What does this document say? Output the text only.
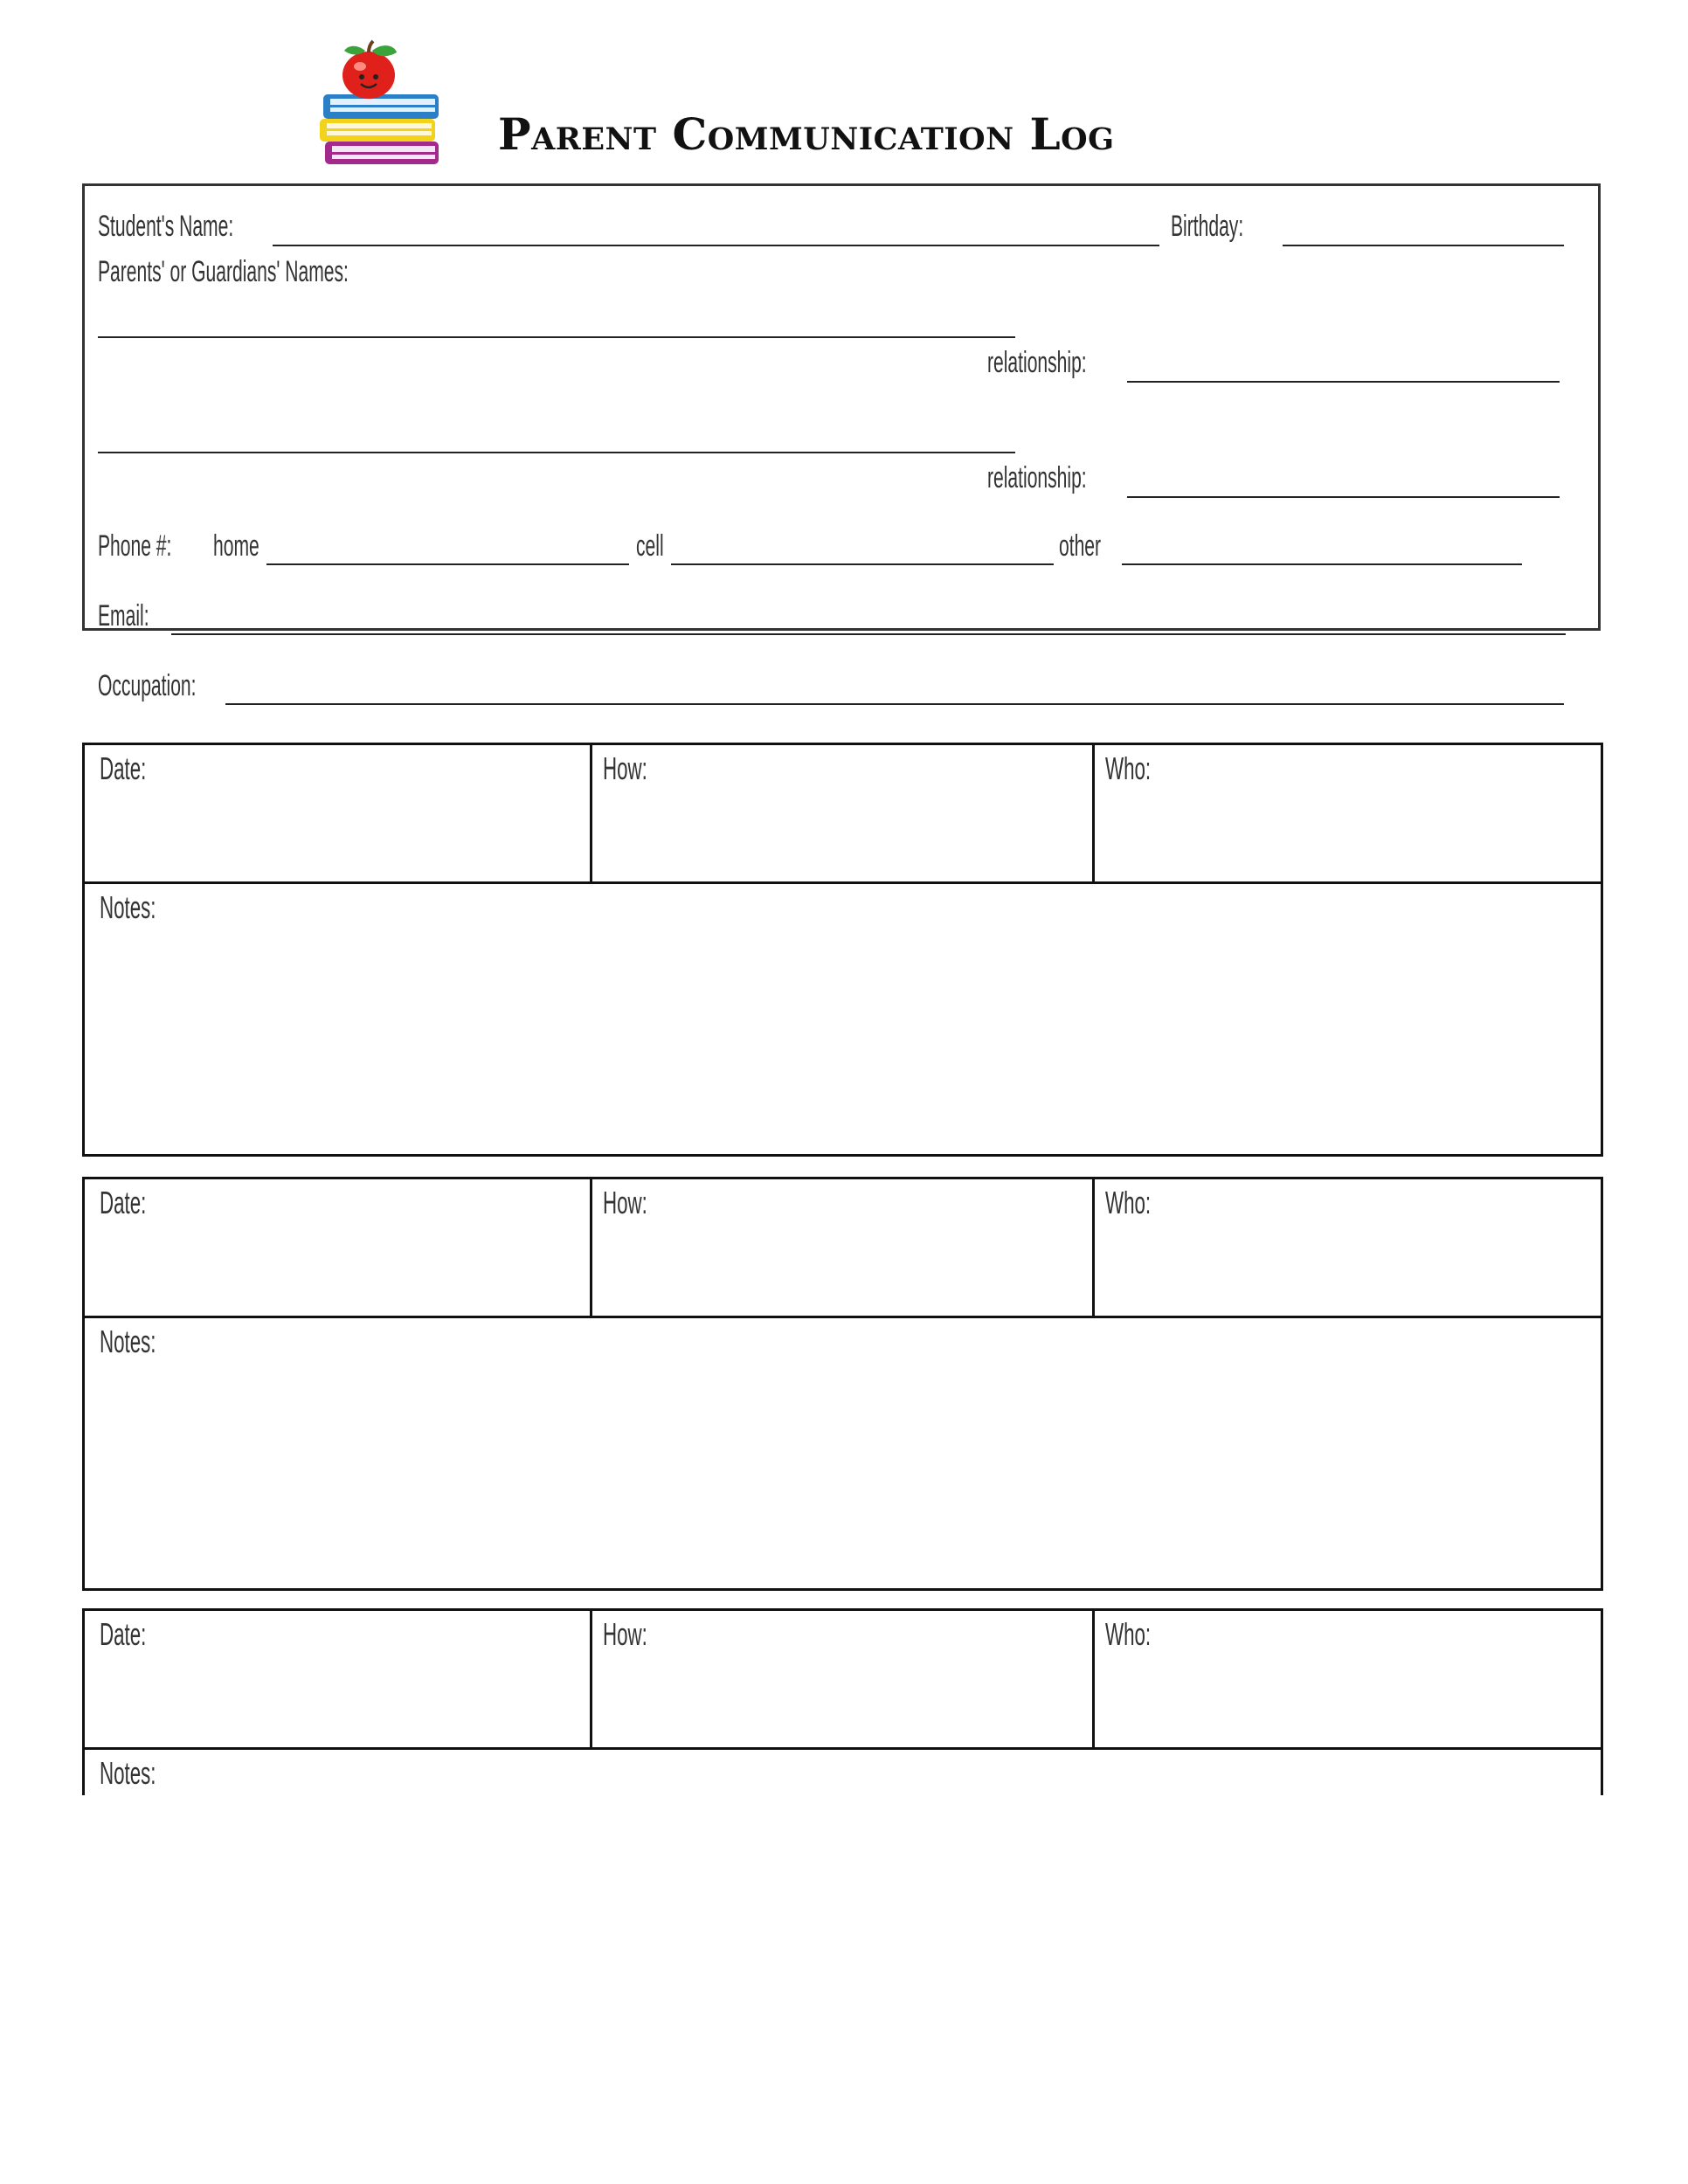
Parent Communication Log
Student's Name:	Birthday:
Parents' or Guardians' Names:
relationship:
relationship:
Phone #: home	cell	other
Email:
Occupation:
Date:	How:	Who:
Notes:
Date:	How:	Who:
Notes:
Date:	How:	Who:
Notes:
